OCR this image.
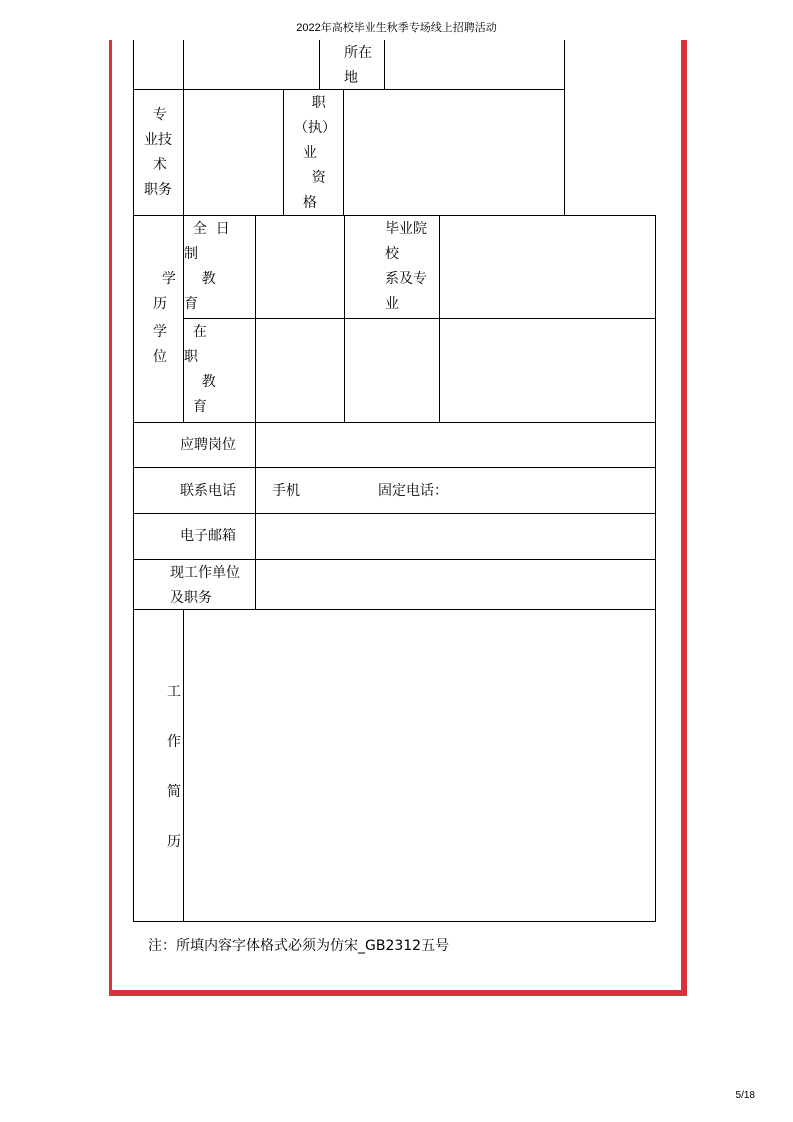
2022年高校毕业生秋季专场线上招聘活动
所在
地
专
业技
术
职务
职
（执）
业
资
格

学
历
学
位
全  日
制
教
育
在
职
教
育
毕业院
校
系及专
业
应聘岗位
联系电话	手机	固定电话：
电子邮箱
现工作单位
及职务
工

作

简

历
注：所填内容字体格式必须为仿宋_GB2312五号
5/18
